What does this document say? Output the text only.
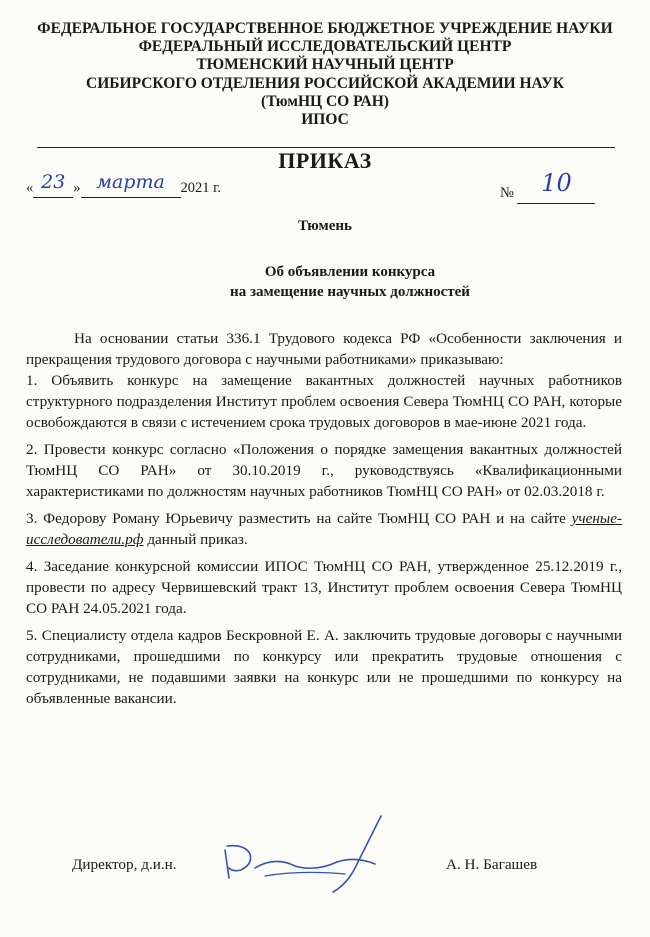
ФЕДЕРАЛЬНОЕ ГОСУДАРСТВЕННОЕ БЮДЖЕТНОЕ УЧРЕЖДЕНИЕ НАУКИ
ФЕДЕРАЛЬНЫЙ ИССЛЕДОВАТЕЛЬСКИЙ ЦЕНТР
ТЮМЕНСКИЙ НАУЧНЫЙ ЦЕНТР
СИБИРСКОГО ОТДЕЛЕНИЯ РОССИЙСКОЙ АКАДЕМИИ НАУК
(ТюмНЦ СО РАН)
ИПОС
ПРИКАЗ
« 23 » марта 2021 г.	№ 10
Тюмень
Об объявлении конкурса
на замещение научных должностей

На основании статьи 336.1 Трудового кодекса РФ «Особенности заключения и прекращения трудового договора с научными работниками» приказываю:

1. Объявить конкурс на замещение вакантных должностей научных работников структурного подразделения Институт проблем освоения Севера ТюмНЦ СО РАН, которые освобождаются в связи с истечением срока трудовых договоров в мае-июне 2021 года.

2. Провести конкурс согласно «Положения о порядке замещения вакантных должностей ТюмНЦ СО РАН» от 30.10.2019 г., руководствуясь «Квалификационными характеристиками по должностям научных работников ТюмНЦ СО РАН» от 02.03.2018 г.

3. Федорову Роману Юрьевичу разместить на сайте ТюмНЦ СО РАН и на сайте ученые-исследователи.рф данный приказ.

4. Заседание конкурсной комиссии ИПОС ТюмНЦ СО РАН, утвержденное 25.12.2019 г., провести по адресу Червишевский тракт 13, Институт проблем освоения Севера ТюмНЦ СО РАН 24.05.2021 года.

5. Специалисту отдела кадров Бескровной Е. А. заключить трудовые договоры с научными сотрудниками, прошедшими по конкурсу или прекратить трудовые отношения с сотрудниками, не подавшими заявки на конкурс или не прошедшими по конкурсу на объявленные вакансии.

Директор, д.и.н.	А. Н. Багашев
